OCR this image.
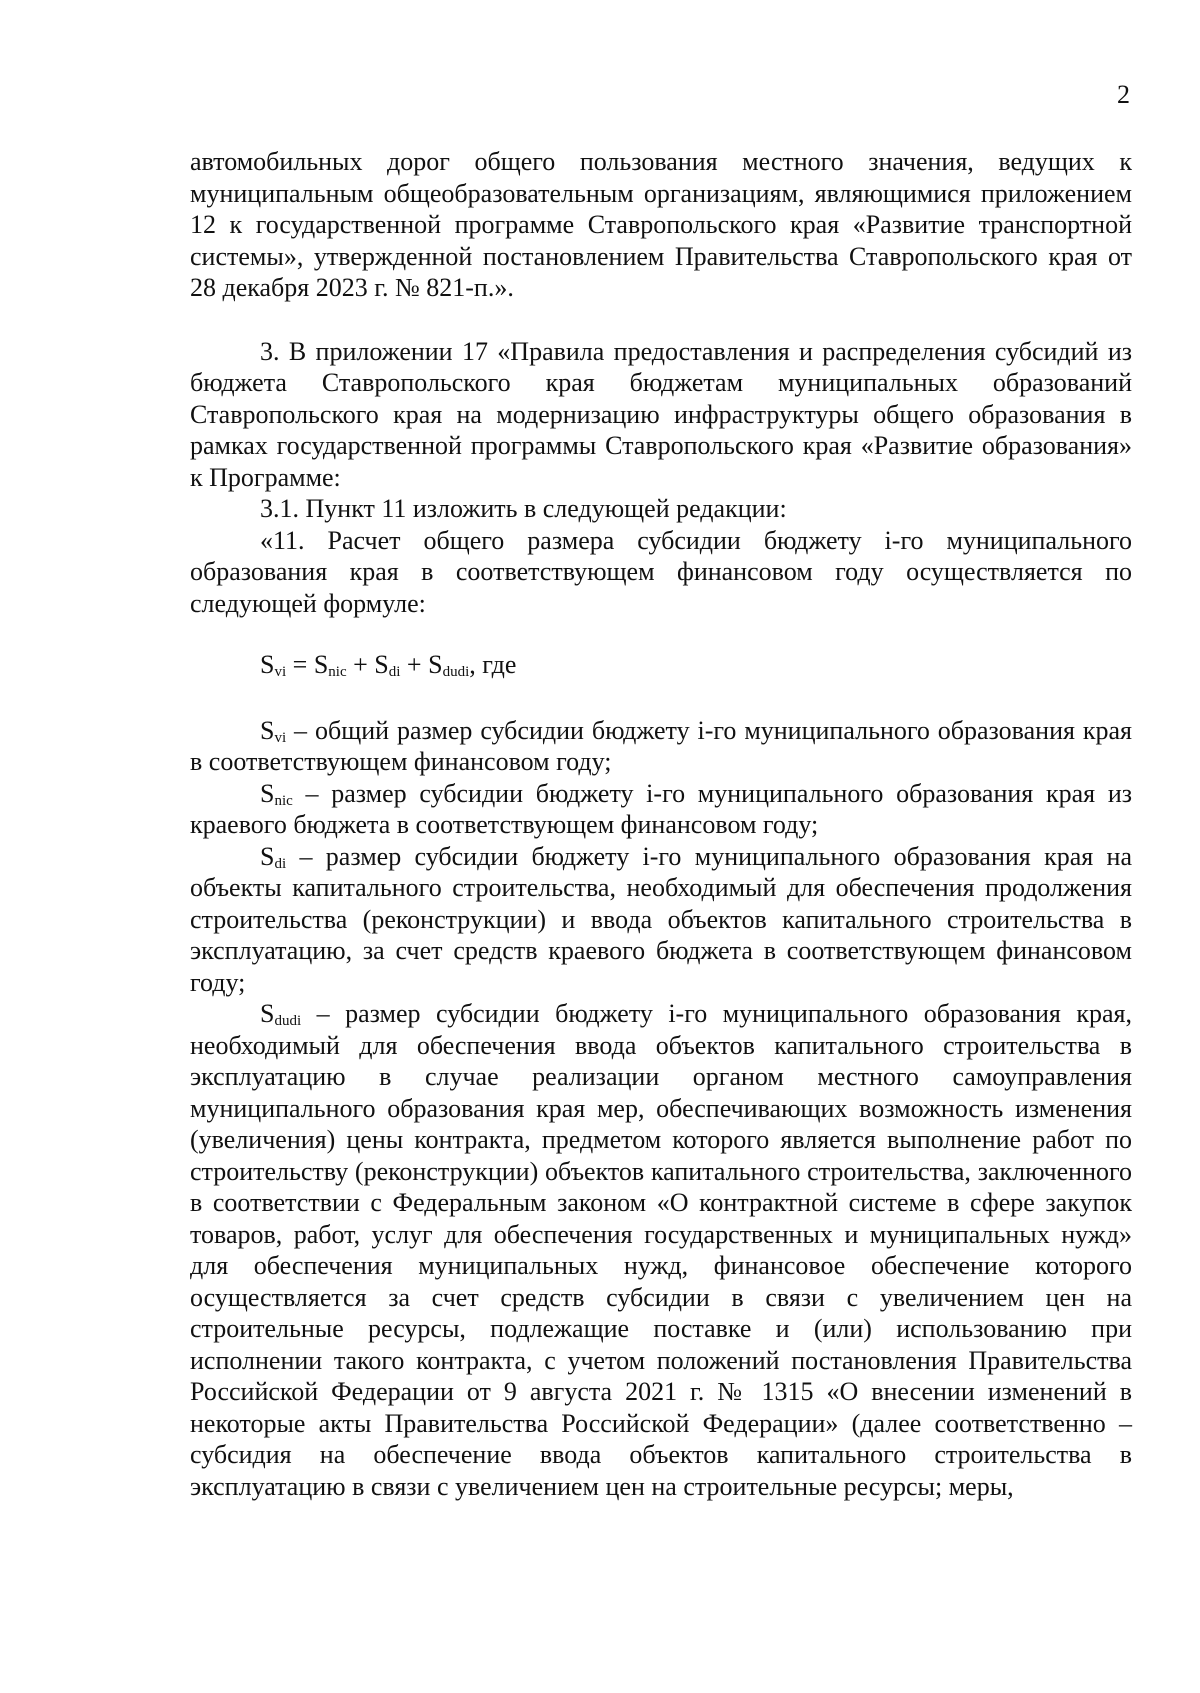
2

автомобильных дорог общего пользования местного значения, ведущих к муниципальным общеобразовательным организациям, являющимися приложением 12 к государственной программе Ставропольского края «Развитие транспортной системы», утвержденной постановлением Правительства Ставропольского края от 28 декабря 2023 г. № 821-п.».

3. В приложении 17 «Правила предоставления и распределения субсидий из бюджета Ставропольского края бюджетам муниципальных образований Ставропольского края на модернизацию инфраструктуры общего образования в рамках государственной программы Ставропольского края «Развитие образования» к Программе:

3.1. Пункт 11 изложить в следующей редакции:

«11. Расчет общего размера субсидии бюджету i-го муниципального образования края в соответствующем финансовом году осуществляется по следующей формуле:

$S_{vi} = S_{nic} + S_{di} + S_{dudi}$, где

$S_{vi}$ – общий размер субсидии бюджету i-го муниципального образования края в соответствующем финансовом году;

$S_{nic}$ – размер субсидии бюджету i-го муниципального образования края из краевого бюджета в соответствующем финансовом году;

$S_{di}$ – размер субсидии бюджету i-го муниципального образования края на объекты капитального строительства, необходимый для обеспечения продолжения строительства (реконструкции) и ввода объектов капитального строительства в эксплуатацию, за счет средств краевого бюджета в соответствующем финансовом году;

$S_{dudi}$ – размер субсидии бюджету i-го муниципального образования края, необходимый для обеспечения ввода объектов капитального строительства в эксплуатацию в случае реализации органом местного самоуправления муниципального образования края мер, обеспечивающих возможность изменения (увеличения) цены контракта, предметом которого является выполнение работ по строительству (реконструкции) объектов капитального строительства, заключенного в соответствии с Федеральным законом «О контрактной системе в сфере закупок товаров, работ, услуг для обеспечения государственных и муниципальных нужд» для обеспечения муниципальных нужд, финансовое обеспечение которого осуществляется за счет средств субсидии в связи с увеличением цен на строительные ресурсы, подлежащие поставке и (или) использованию при исполнении такого контракта, с учетом положений постановления Правительства Российской Федерации от 9 августа 2021 г. № 1315 «О внесении изменений в некоторые акты Правительства Российской Федерации» (далее соответственно – субсидия на обеспечение ввода объектов капитального строительства в эксплуатацию в связи с увеличением цен на строительные ресурсы; меры,
